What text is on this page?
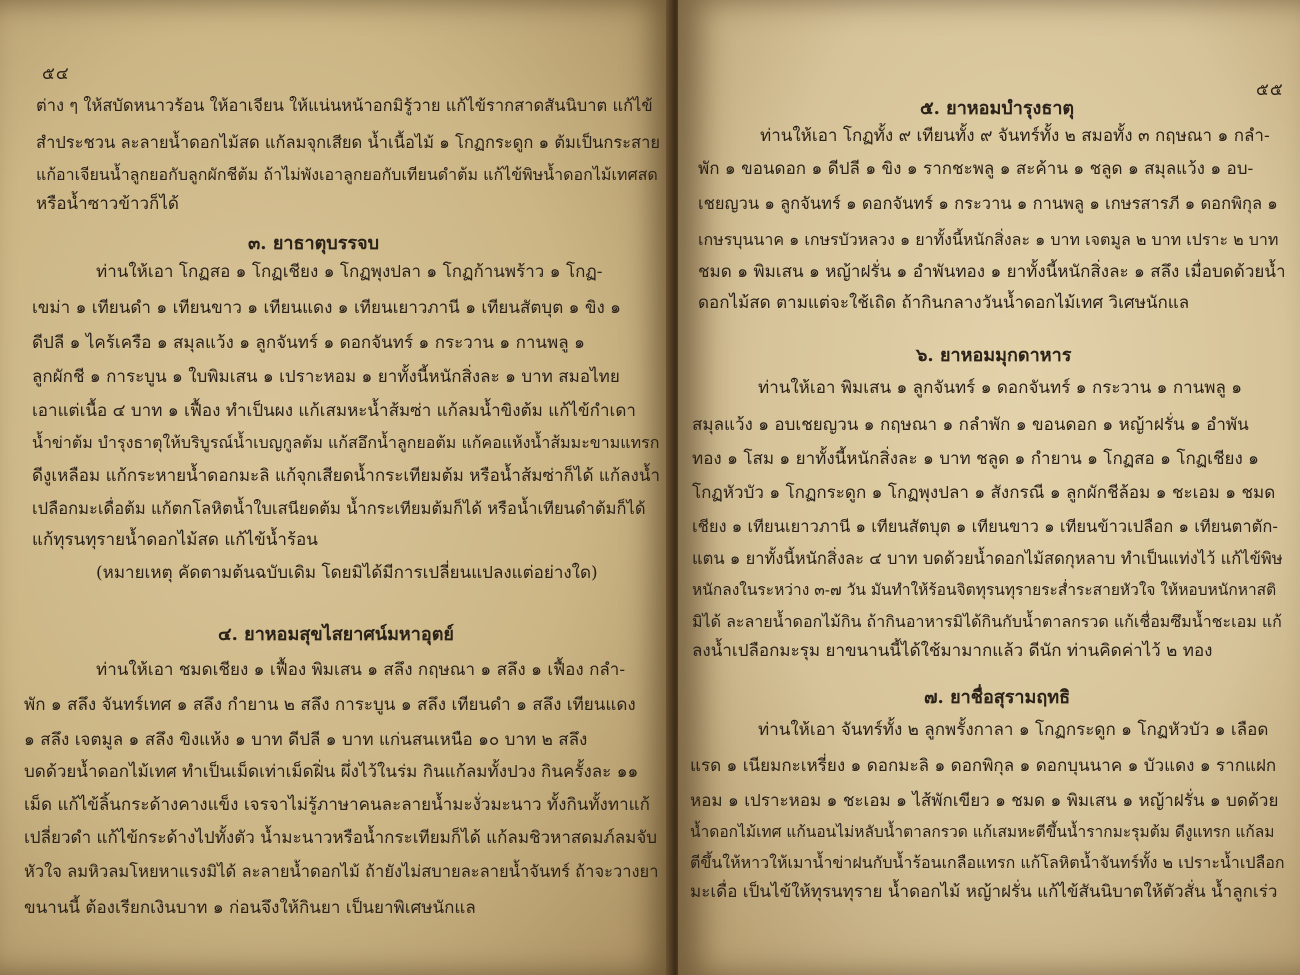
๕๔
ต่าง ๆ ให้สบัดหนาวร้อน ให้อาเจียน ให้แน่นหน้าอกมิรู้วาย แก้ไข้รากสาดสันนิบาต แก้ไข้
สำประชวน ละลายน้ำดอกไม้สด แก้ลมจุกเสียด น้ำเนื้อไม้ ๑ โกฏกระดูก ๑ ต้มเป็นกระสาย
แก้อาเจียนน้ำลูกยอกับลูกผักชีต้ม ถ้าไม่พังเอาลูกยอกับเทียนดำต้ม แก้ไข้พิษน้ำดอกไม้เทศสด
หรือน้ำซาวข้าวก็ได้
๓. ยาธาตุบรรจบ
ท่านให้เอา โกฏสอ ๑ โกฏเชียง ๑ โกฏพุงปลา ๑ โกฏก้านพร้าว ๑ โกฏ-
เขม่า ๑ เทียนดำ ๑ เทียนขาว ๑ เทียนแดง ๑ เทียนเยาวภานี ๑ เทียนสัตบุต ๑ ขิง ๑
ดีปลี ๑ ไคร้เครือ ๑ สมุลแว้ง ๑ ลูกจันทร์ ๑ ดอกจันทร์ ๑ กระวาน ๑ กานพลู ๑
ลูกผักชี ๑ การะบูน ๑ ใบพิมเสน ๑ เปราะหอม ๑ ยาทั้งนี้หนักสิ่งละ ๑ บาท สมอไทย
เอาแต่เนื้อ ๔ บาท ๑ เฟื้อง ทำเป็นผง แก้เสมหะน้ำส้มซ่า แก้ลมน้ำขิงต้ม แก้ไข้กำเดา
น้ำข่าต้ม บำรุงธาตุให้บริบูรณ์น้ำเบญกูลต้ม แก้สอึกน้ำลูกยอต้ม แก้คอแห้งน้ำส้มมะขามแทรก
ดีงูเหลือม แก้กระหายน้ำดอกมะลิ แก้จุกเสียดน้ำกระเทียมต้ม หรือน้ำส้มซ่าก็ได้ แก้ลงน้ำ
เปลือกมะเดื่อต้ม แก้ตกโลหิตน้ำใบเสนียดต้ม น้ำกระเทียมต้มก็ได้ หรือน้ำเทียนดำต้มก็ได้
แก้ทุรนทุรายน้ำดอกไม้สด แก้ไข้น้ำร้อน
(หมายเหตุ คัดตามต้นฉบับเดิม โดยมิได้มีการเปลี่ยนแปลงแต่อย่างใด)
๔. ยาหอมสุขไสยาศน์มหาอุตย์
ท่านให้เอา ชมดเชียง ๑ เฟื้อง พิมเสน ๑ สลึง กฤษณา ๑ สลึง ๑ เฟื้อง กลำ-
พัก ๑ สลึง จันทร์เทศ ๑ สลึง กำยาน ๒ สลึง การะบูน ๑ สลึง เทียนดำ ๑ สลึง เทียนแดง
๑ สลึง เจตมูล ๑ สลึง ขิงแห้ง ๑ บาท ดีปลี ๑ บาท แก่นสนเหนือ ๑๐ บาท ๒ สลึง
บดด้วยน้ำดอกไม้เทศ ทำเป็นเม็ดเท่าเม็ดฝิ่น ผึ่งไว้ในร่ม กินแก้ลมทั้งปวง กินครั้งละ ๑๑
เม็ด แก้ไข้ลิ้นกระด้างคางแข็ง เจรจาไม่รู้ภาษาคนละลายน้ำมะงั่วมะนาว ทั้งกินทั้งทาแก้
เปลี่ยวดำ แก้ไข้กระด้างไปทั้งตัว น้ำมะนาวหรือน้ำกระเทียมก็ได้ แก้ลมชิวหาสดมภ์ลมจับ
หัวใจ ลมหิวลมโหยหาแรงมิได้ ละลายน้ำดอกไม้ ถ้ายังไม่สบายละลายน้ำจันทร์ ถ้าจะวางยา
ขนานนี้ ต้องเรียกเงินบาท ๑ ก่อนจึงให้กินยา เป็นยาพิเศษนักแล
๕๕
๕. ยาหอมบำรุงธาตุ
ท่านให้เอา โกฏทั้ง ๙ เทียนทั้ง ๙ จันทร์ทั้ง ๒ สมอทั้ง ๓ กฤษณา ๑ กลำ-
พัก ๑ ขอนดอก ๑ ดีปลี ๑ ขิง ๑ รากชะพลู ๑ สะค้าน ๑ ชลูด ๑ สมุลแว้ง ๑ อบ-
เชยญวน ๑ ลูกจันทร์ ๑ ดอกจันทร์ ๑ กระวาน ๑ กานพลู ๑ เกษรสารภี ๑ ดอกพิกุล ๑
เกษรบุนนาค ๑ เกษรบัวหลวง ๑ ยาทั้งนี้หนักสิ่งละ ๑ บาท เจตมูล ๒ บาท เปราะ ๒ บาท
ชมด ๑ พิมเสน ๑ หญ้าฝรั่น ๑ อำพันทอง ๑ ยาทั้งนี้หนักสิ่งละ ๑ สลึง เมื่อบดด้วยน้ำ
ดอกไม้สด ตามแต่จะใช้เถิด ถ้ากินกลางวันน้ำดอกไม้เทศ วิเศษนักแล
๖. ยาหอมมุกดาหาร
ท่านให้เอา พิมเสน ๑ ลูกจันทร์ ๑ ดอกจันทร์ ๑ กระวาน ๑ กานพลู ๑
สมุลแว้ง ๑ อบเชยญวน ๑ กฤษณา ๑ กลำพัก ๑ ขอนดอก ๑ หญ้าฝรั่น ๑ อำพัน
ทอง ๑ โสม ๑ ยาทั้งนี้หนักสิ่งละ ๑ บาท ชลูด ๑ กำยาน ๑ โกฏสอ ๑ โกฏเชียง ๑
โกฏหัวบัว ๑ โกฏกระดูก ๑ โกฏพุงปลา ๑ สังกรณี ๑ ลูกผักชีล้อม ๑ ชะเอม ๑ ชมด
เชียง ๑ เทียนเยาวภานี ๑ เทียนสัตบุต ๑ เทียนขาว ๑ เทียนข้าวเปลือก ๑ เทียนตาตัก-
แตน ๑ ยาทั้งนี้หนักสิ่งละ ๔ บาท บดด้วยน้ำดอกไม้สดกุหลาบ ทำเป็นแท่งไว้ แก้ไข้พิษ
หนักลงในระหว่าง ๓-๗ วัน มันทำให้ร้อนจิตทุรนทุรายระส่ำระสายหัวใจ ให้หอบหนักหาสติ
มิได้ ละลายน้ำดอกไม้กิน ถ้ากินอาหารมิได้กินกับน้ำตาลกรวด แก้เชื่อมซึมน้ำชะเอม แก้
ลงน้ำเปลือกมะรุม ยาขนานนี้ได้ใช้มามากแล้ว ดีนัก ท่านคิดค่าไว้ ๒ ทอง
๗. ยาชื่อสุรามฤทธิ
ท่านให้เอา จันทร์ทั้ง ๒ ลูกพรั้งกาลา ๑ โกฏกระดูก ๑ โกฏหัวบัว ๑ เลือด
แรด ๑ เนียมกะเหรี่ยง ๑ ดอกมะลิ ๑ ดอกพิกุล ๑ ดอกบุนนาค ๑ บัวแดง ๑ รากแฝก
หอม ๑ เปราะหอม ๑ ชะเอม ๑ ไส้พักเขียว ๑ ชมด ๑ พิมเสน ๑ หญ้าฝรั่น ๑ บดด้วย
น้ำดอกไม้เทศ แก้นอนไม่หลับน้ำตาลกรวด แก้เสมหะตีขึ้นน้ำรากมะรุมต้ม ดีงูแทรก แก้ลม
ตีขึ้นให้หาวให้เมาน้ำข่าฝนกับน้ำร้อนเกลือแทรก แก้โลหิตน้ำจันทร์ทั้ง ๒ เปราะน้ำเปลือก
มะเดื่อ เป็นไข้ให้ทุรนทุราย น้ำดอกไม้ หญ้าฝรั่น แก้ไข้สันนิบาตให้ตัวสั่น น้ำลูกเร่ว
